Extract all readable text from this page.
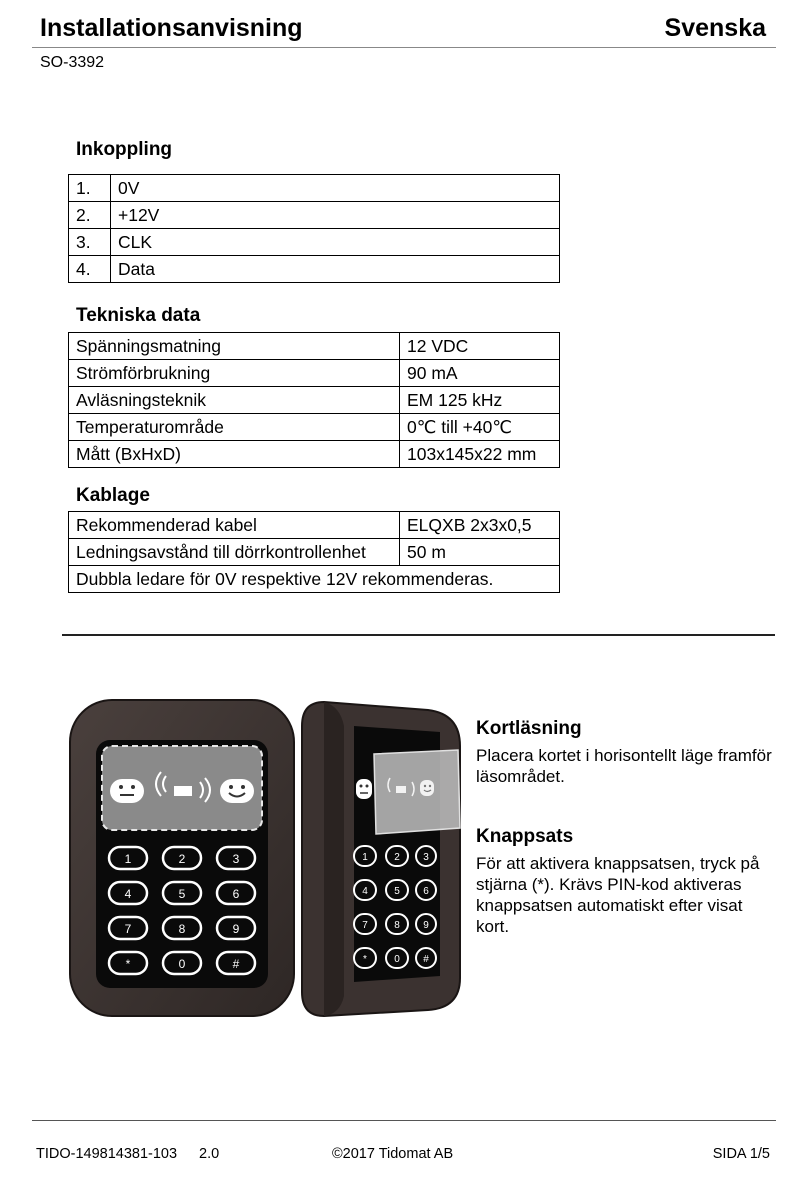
Installationsanvisning	Svenska
SO-3392
Inkoppling
1.	0V
2.	+12V
3.	CLK
4.	Data
Tekniska data
Spänningsmatning	12 VDC
Strömförbrukning	90 mA
Avläsningsteknik	EM 125 kHz
Temperaturområde	0℃ till +40℃
Mått (BxHxD)	103x145x22 mm
Kablage
Rekommenderad kabel	ELQXB 2x3x0,5
Ledningsavstånd till dörrkontrollenhet	50 m
Dubbla ledare för 0V respektive 12V rekommenderas.	
1	2	3
4	5	6
7	8	9
*	0	#
1	2 3
4	5 6
7	8 9
*	0 #
Kortläsning
Placera kortet i horisontellt läge framför läsområdet.
Knappsats
För att aktivera knappsatsen, tryck på stjärna (*). Krävs PIN-kod aktiveras knappsatsen automatiskt efter visat kort.
TIDO-149814381-103 2.0	©2017 Tidomat AB	SIDA 1/5
